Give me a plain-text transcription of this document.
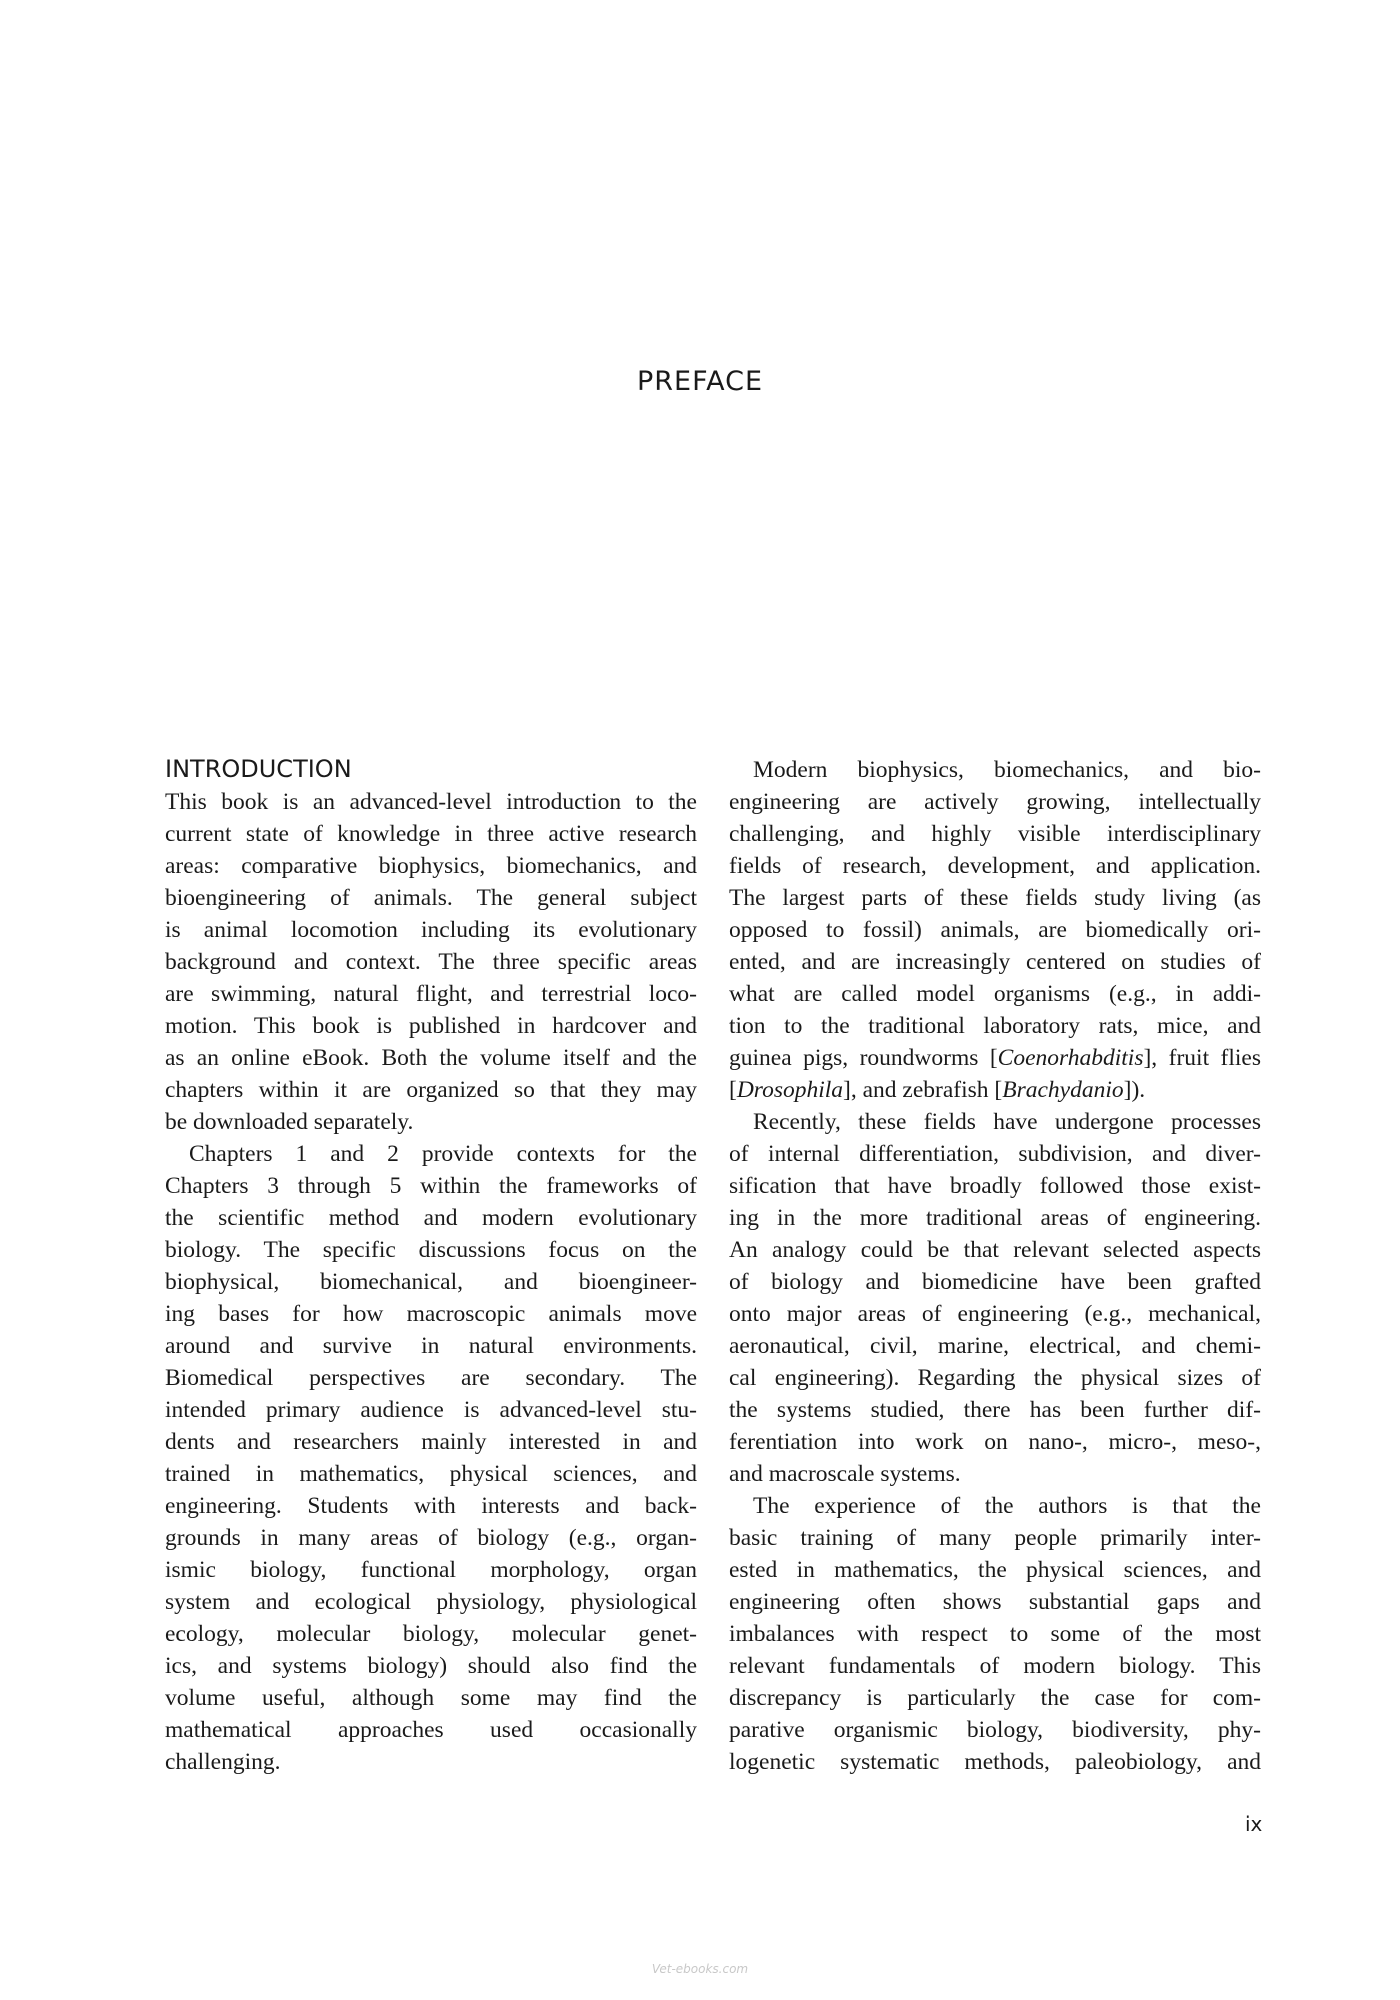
PREFACE
INTRODUCTION

This book is an advanced-level introduction to the
current state of knowledge in three active research
areas: comparative biophysics, biomechanics, and
bioengineering of animals. The general subject
is animal locomotion including its evolutionary
background and context. The three specific areas
are swimming, natural flight, and terrestrial loco-
motion. This book is published in hardcover and
as an online eBook. Both the volume itself and the
chapters within it are organized so that they may
be downloaded separately.

Chapters 1 and 2 provide contexts for the
Chapters 3 through 5 within the frameworks of
the scientific method and modern evolutionary
biology. The specific discussions focus on the
biophysical, biomechanical, and bioengineer-
ing bases for how macroscopic animals move
around and survive in natural environments.
Biomedical perspectives are secondary. The
intended primary audience is advanced-level stu-
dents and researchers mainly interested in and
trained in mathematics, physical sciences, and
engineering. Students with interests and back-
grounds in many areas of biology (e.g., organ-
ismic biology, functional morphology, organ
system and ecological physiology, physiological
ecology, molecular biology, molecular genet-
ics, and systems biology) should also find the
volume useful, although some may find the
mathematical approaches used occasionally
challenging.

Modern biophysics, biomechanics, and bio-
engineering are actively growing, intellectually
challenging, and highly visible interdisciplinary
fields of research, development, and application.
The largest parts of these fields study living (as
opposed to fossil) animals, are biomedically ori-
ented, and are increasingly centered on studies of
what are called model organisms (e.g., in addi-
tion to the traditional laboratory rats, mice, and
guinea pigs, roundworms [Coenorhabditis], fruit flies
[Drosophila], and zebrafish [Brachydanio]).

Recently, these fields have undergone processes
of internal differentiation, subdivision, and diver-
sification that have broadly followed those exist-
ing in the more traditional areas of engineering.
An analogy could be that relevant selected aspects
of biology and biomedicine have been grafted
onto major areas of engineering (e.g., mechanical,
aeronautical, civil, marine, electrical, and chemi-
cal engineering). Regarding the physical sizes of
the systems studied, there has been further dif-
ferentiation into work on nano-, micro-, meso-,
and macroscale systems.

The experience of the authors is that the
basic training of many people primarily inter-
ested in mathematics, the physical sciences, and
engineering often shows substantial gaps and
imbalances with respect to some of the most
relevant fundamentals of modern biology. This
discrepancy is particularly the case for com-
parative organismic biology, biodiversity, phy-
logenetic systematic methods, paleobiology, and

ix
Vet-ebooks.com
